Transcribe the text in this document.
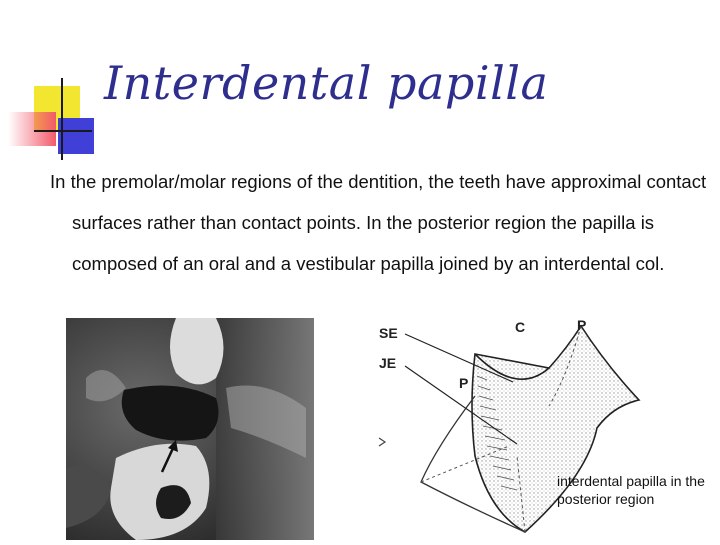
Interdental papilla

In the premolar/molar regions of the dentition, the teeth have approximal contact surfaces rather than contact points. In the posterior region the papilla is composed of an oral and a vestibular papilla joined by an interdental col.

SE
JE
C	P
P

interdental papilla in the posterior region
